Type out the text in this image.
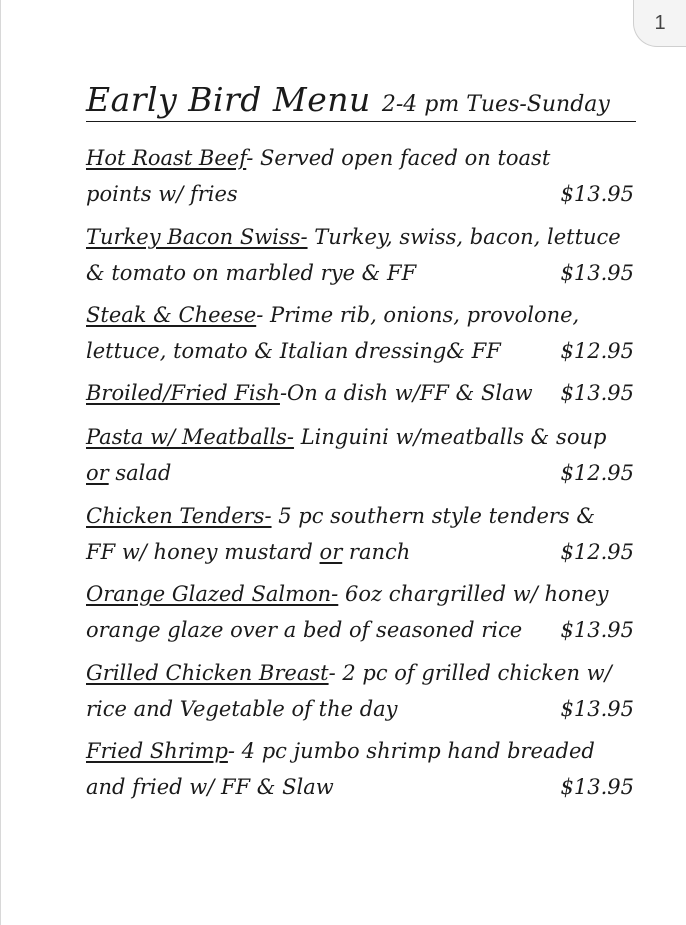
1
Early Bird Menu 2-4 pm Tues-Sunday
Hot Roast Beef- Served open faced on toast
points w/ fries	$13.95
Turkey Bacon Swiss- Turkey, swiss, bacon, lettuce
& tomato on marbled rye & FF	$13.95
Steak & Cheese- Prime rib, onions, provolone,
lettuce, tomato & Italian dressing& FF	$12.95
Broiled/Fried Fish-On a dish w/FF & Slaw $13.95
Pasta w/ Meatballs- Linguini w/meatballs & soup
or salad	$12.95
Chicken Tenders- 5 pc southern style tenders &
FF w/ honey mustard or ranch	$12.95
Orange Glazed Salmon- 6oz chargrilled w/ honey
orange glaze over a bed of seasoned rice $13.95
Grilled Chicken Breast- 2 pc of grilled chicken w/
rice and Vegetable of the day	$13.95
Fried Shrimp- 4 pc jumbo shrimp hand breaded
and fried w/ FF & Slaw	$13.95
